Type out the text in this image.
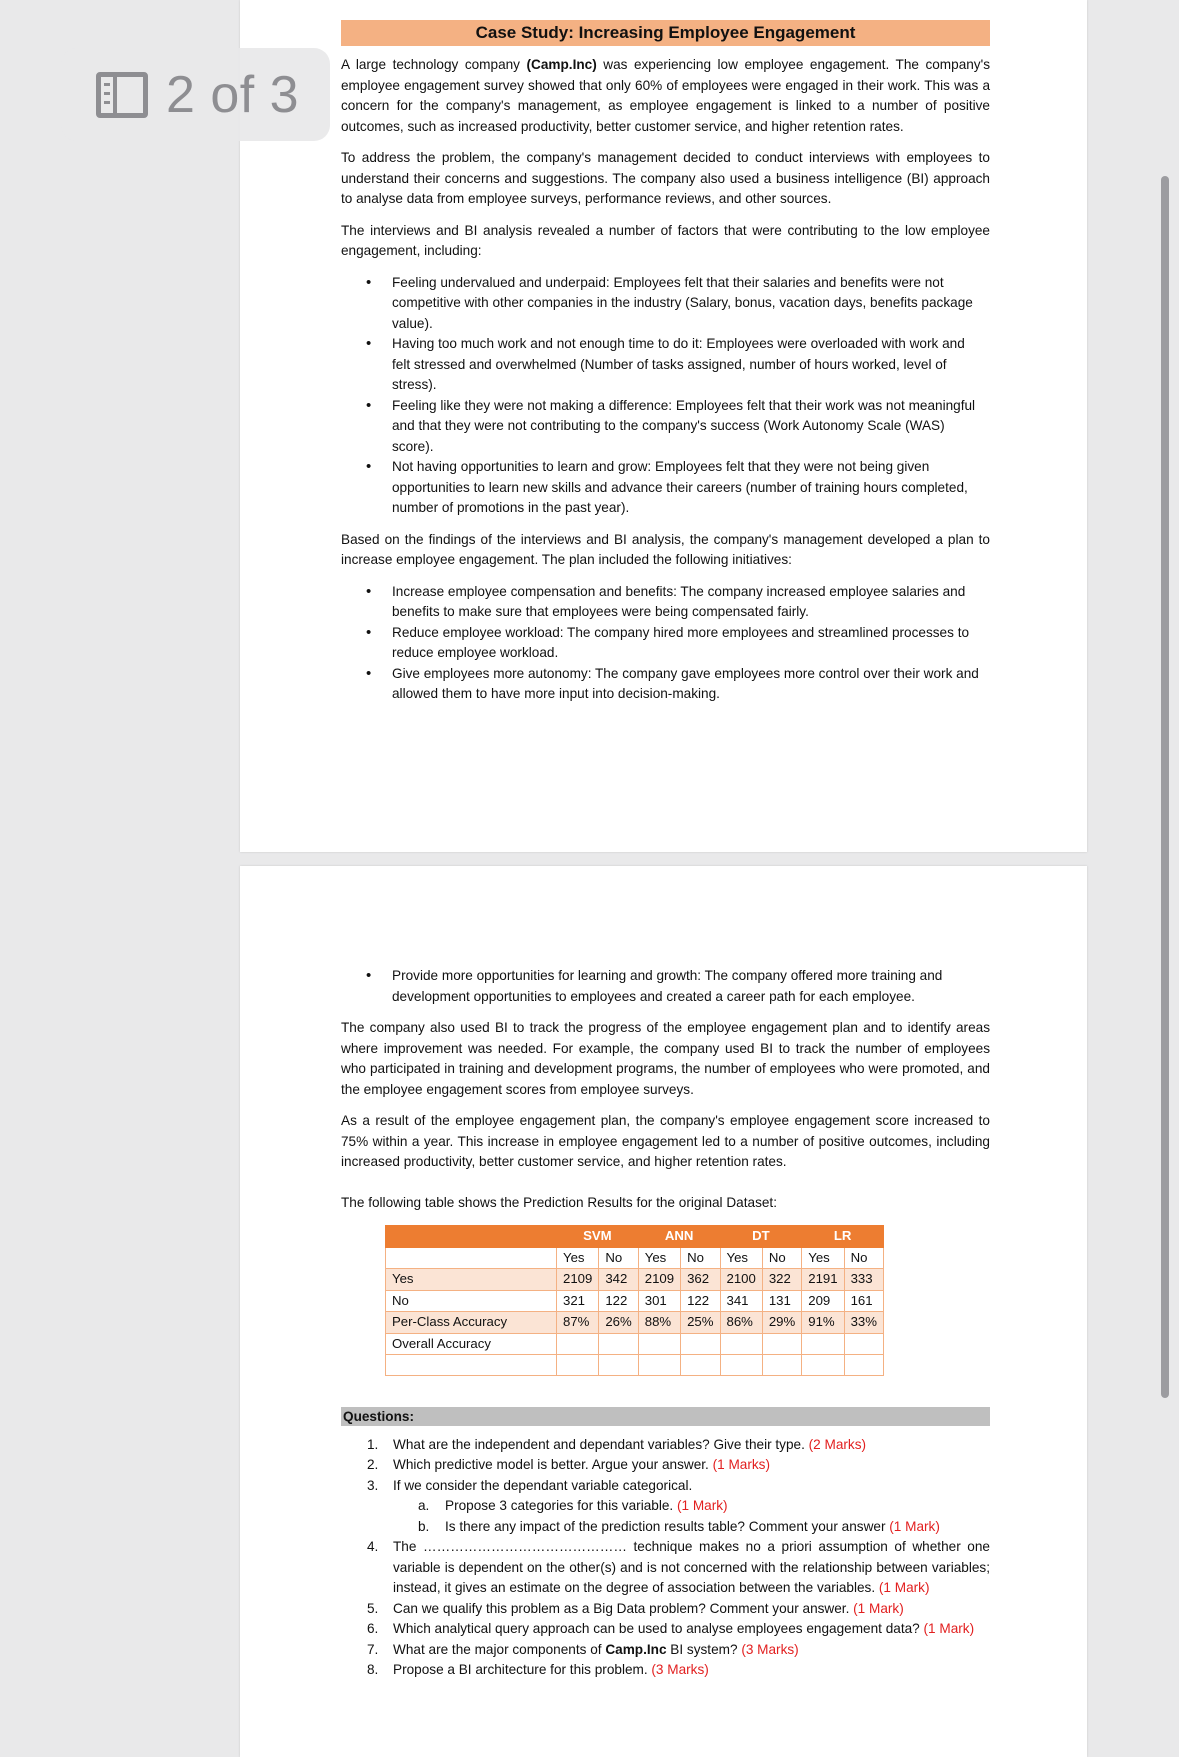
Case Study: Increasing Employee Engagement

A large technology company (Camp.Inc) was experiencing low employee engagement. The company's employee engagement survey showed that only 60% of employees were engaged in their work. This was a concern for the company's management, as employee engagement is linked to a number of positive outcomes, such as increased productivity, better customer service, and higher retention rates.

To address the problem, the company's management decided to conduct interviews with employees to understand their concerns and suggestions. The company also used a business intelligence (BI) approach to analyse data from employee surveys, performance reviews, and other sources.

The interviews and BI analysis revealed a number of factors that were contributing to the low employee engagement, including:

• Feeling undervalued and underpaid: Employees felt that their salaries and benefits were not competitive with other companies in the industry (Salary, bonus, vacation days, benefits package value).
• Having too much work and not enough time to do it: Employees were overloaded with work and felt stressed and overwhelmed (Number of tasks assigned, number of hours worked, level of stress).
• Feeling like they were not making a difference: Employees felt that their work was not meaningful and that they were not contributing to the company's success (Work Autonomy Scale (WAS) score).
• Not having opportunities to learn and grow: Employees felt that they were not being given opportunities to learn new skills and advance their careers (number of training hours completed, number of promotions in the past year).

Based on the findings of the interviews and BI analysis, the company's management developed a plan to increase employee engagement. The plan included the following initiatives:

• Increase employee compensation and benefits: The company increased employee salaries and benefits to make sure that employees were being compensated fairly.
• Reduce employee workload: The company hired more employees and streamlined processes to reduce employee workload.
• Give employees more autonomy: The company gave employees more control over their work and allowed them to have more input into decision-making.
• Provide more opportunities for learning and growth: The company offered more training and development opportunities to employees and created a career path for each employee.

The company also used BI to track the progress of the employee engagement plan and to identify areas where improvement was needed. For example, the company used BI to track the number of employees who participated in training and development programs, the number of employees who were promoted, and the employee engagement scores from employee surveys.

As a result of the employee engagement plan, the company's employee engagement score increased to 75% within a year. This increase in employee engagement led to a number of positive outcomes, including increased productivity, better customer service, and higher retention rates.

The following table shows the Prediction Results for the original Dataset:

	SVM		ANN		DT		LR	
	Yes	No	Yes	No	Yes	No	Yes	No
Yes	2109	342	2109	362	2100	322	2191	333
No	321	122	301	122	341	131	209	161
Per-Class Accuracy	87%	26%	88%	25%	86%	29%	91%	33%
Overall Accuracy								

Questions:
1. What are the independent and dependant variables? Give their type. (2 Marks)
2. Which predictive model is better. Argue your answer. (1 Marks)
3. If we consider the dependant variable categorical.
a. Propose 3 categories for this variable. (1 Mark)
b. Is there any impact of the prediction results table? Comment your answer (1 Mark)
4. The ……………………………………… technique makes no a priori assumption of whether one variable is dependent on the other(s) and is not concerned with the relationship between variables; instead, it gives an estimate on the degree of association between the variables. (1 Mark)
5. Can we qualify this problem as a Big Data problem? Comment your answer. (1 Mark)
6. Which analytical query approach can be used to analyse employees engagement data? (1 Mark)
7. What are the major components of Camp.Inc BI system? (3 Marks)
8. Propose a BI architecture for this problem. (3 Marks)
2 of 3
